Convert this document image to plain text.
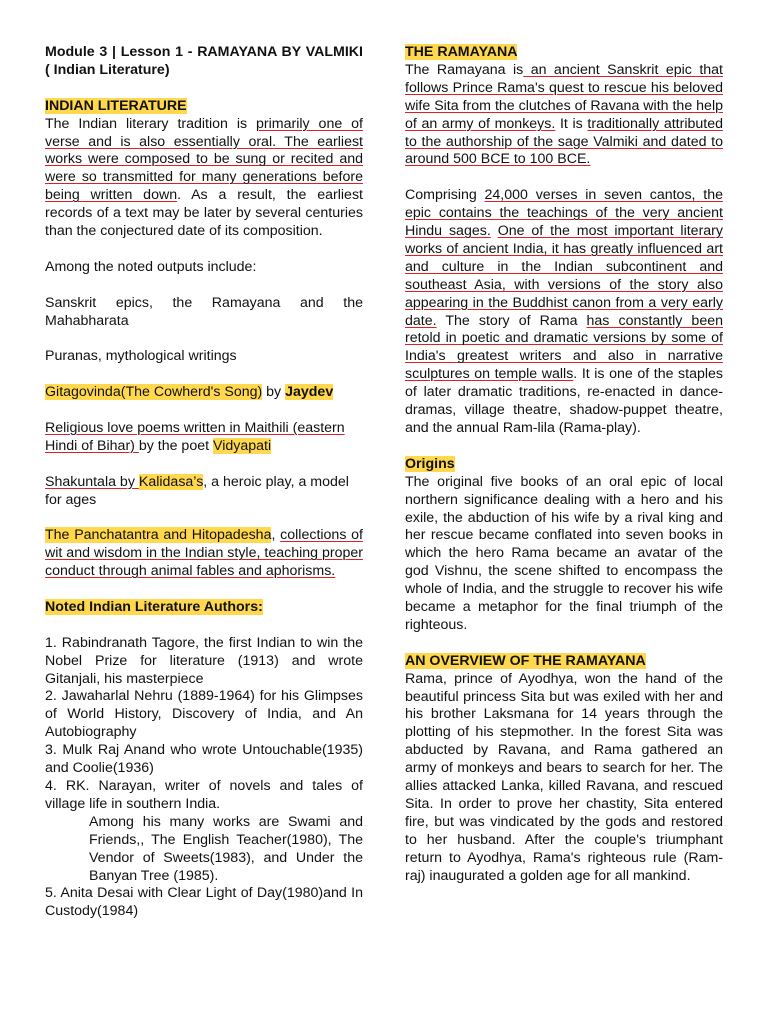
Module 3 | Lesson 1 - RAMAYANA BY VALMIKI ( Indian Literature)

INDIAN LITERATURE

The Indian literary tradition is primarily one of verse and is also essentially oral. The earliest works were composed to be sung or recited and were so transmitted for many generations before being written down. As a result, the earliest records of a text may be later by several centuries than the conjectured date of its composition.

Among the noted outputs include:

Sanskrit epics, the Ramayana and the Mahabharata

Puranas, mythological writings

Gitagovinda(The Cowherd's Song) by Jaydev

Religious love poems written in Maithili (eastern Hindi of Bihar) by the poet Vidyapati

Shakuntala by Kalidasa’s, a heroic play, a model for ages

The Panchatantra and Hitopadesha, collections of wit and wisdom in the Indian style, teaching proper conduct through animal fables and aphorisms.

Noted Indian Literature Authors:

1. Rabindranath Tagore, the first Indian to win the Nobel Prize for literature (1913) and wrote Gitanjali, his masterpiece
2. Jawaharlal Nehru (1889-1964) for his Glimpses of World History, Discovery of India, and An Autobiography
3. Mulk Raj Anand who wrote Untouchable(1935) and Coolie(1936)
4. RK. Narayan, writer of novels and tales of village life in southern India.
Among his many works are Swami and Friends,, The English Teacher(1980), The Vendor of Sweets(1983), and Under the Banyan Tree (1985).
5. Anita Desai with Clear Light of Day(1980)and In Custody(1984)
THE RAMAYANA

The Ramayana is an ancient Sanskrit epic that follows Prince Rama's quest to rescue his beloved wife Sita from the clutches of Ravana with the help of an army of monkeys. It is traditionally attributed to the authorship of the sage Valmiki and dated to around 500 BCE to 100 BCE.

Comprising 24,000 verses in seven cantos, the epic contains the teachings of the very ancient Hindu sages. One of the most important literary works of ancient India, it has greatly influenced art and culture in the Indian subcontinent and southeast Asia, with versions of the story also appearing in the Buddhist canon from a very early date. The story of Rama has constantly been retold in poetic and dramatic versions by some of India's greatest writers and also in narrative sculptures on temple walls. It is one of the staples of later dramatic traditions, re-enacted in dance-dramas, village theatre, shadow-puppet theatre, and the annual Ram-lila (Rama-play).

Origins

The original five books of an oral epic of local northern significance dealing with a hero and his exile, the abduction of his wife by a rival king and her rescue became conflated into seven books in which the hero Rama became an avatar of the god Vishnu, the scene shifted to encompass the whole of India, and the struggle to recover his wife became a metaphor for the final triumph of the righteous.

AN OVERVIEW OF THE RAMAYANA

Rama, prince of Ayodhya, won the hand of the beautiful princess Sita but was exiled with her and his brother Laksmana for 14 years through the plotting of his stepmother. In the forest Sita was abducted by Ravana, and Rama gathered an army of monkeys and bears to search for her. The allies attacked Lanka, killed Ravana, and rescued Sita. In order to prove her chastity, Sita entered fire, but was vindicated by the gods and restored to her husband. After the couple's triumphant return to Ayodhya, Rama's righteous rule (Ram-raj) inaugurated a golden age for all mankind.
